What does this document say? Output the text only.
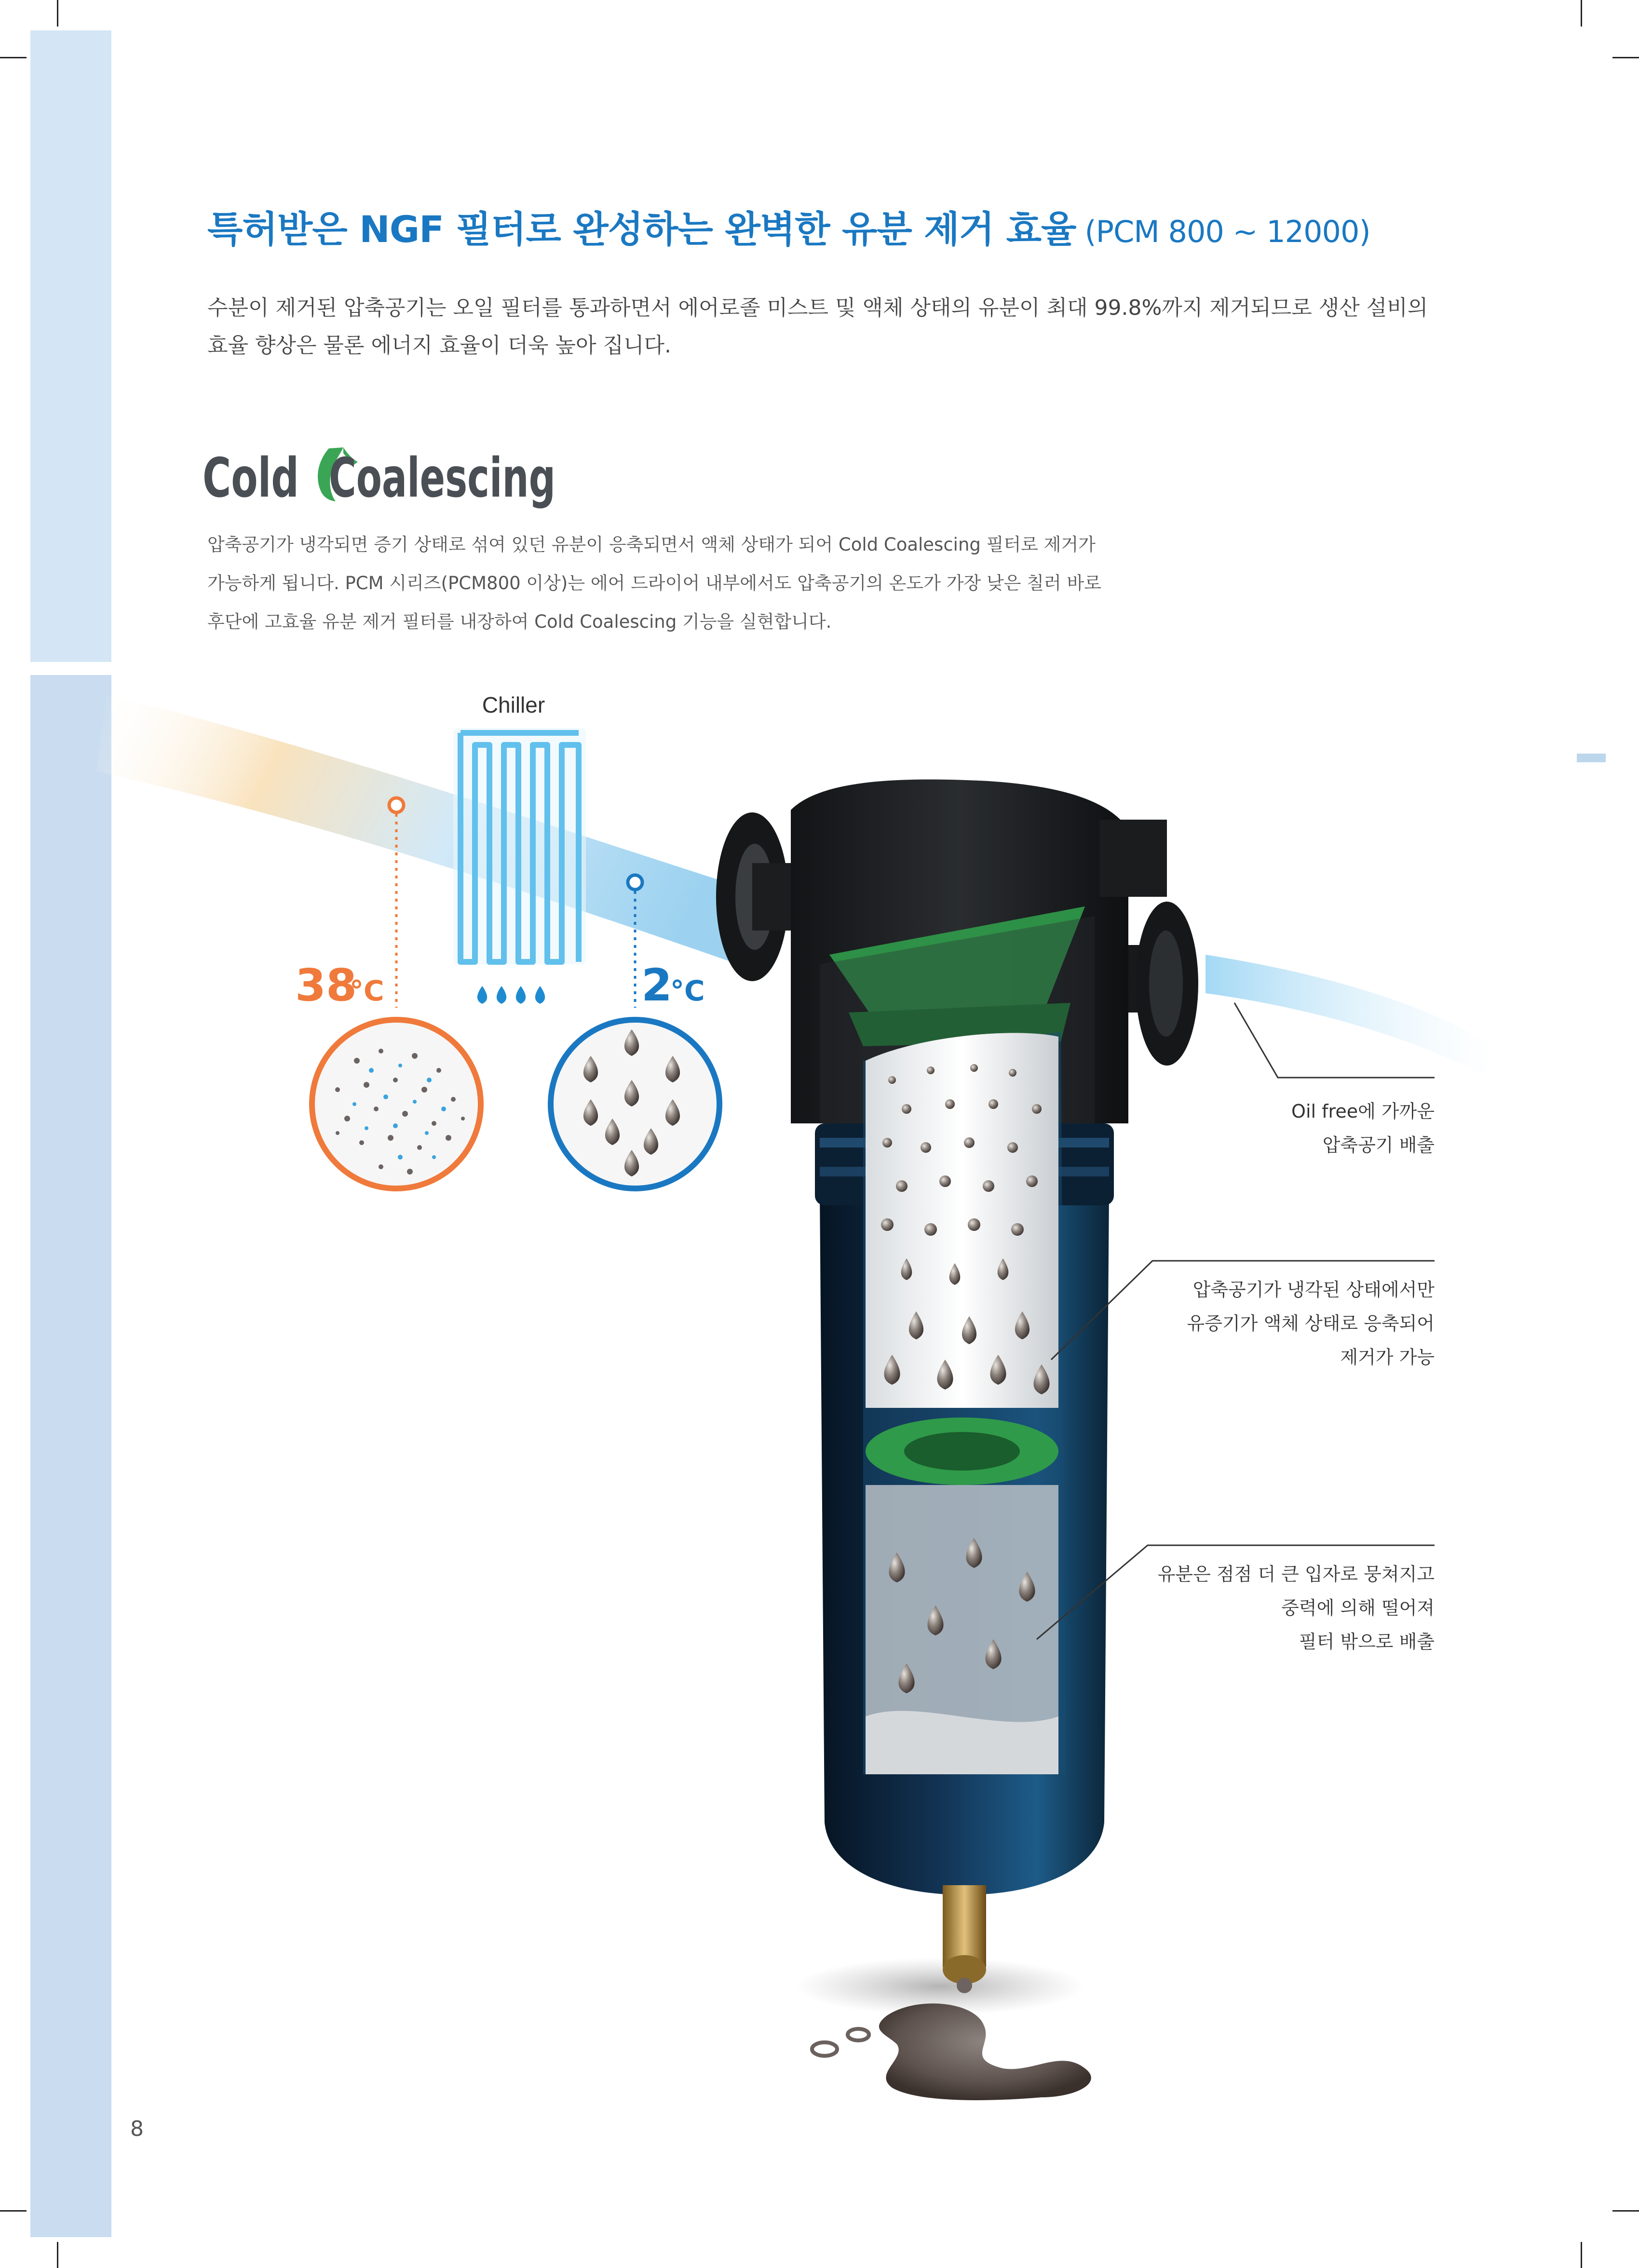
특허받은 NGF 필터로 완성하는 완벽한 유분 제거 효율 (PCM 800 ~ 12000)
수분이 제거된 압축공기는 오일 필터를 통과하면서 에어로졸 미스트 및 액체 상태의 유분이 최대 99.8%까지 제거되므로 생산 설비의 효율 향상은 물론 에너지 효율이 더욱 높아 집니다.
Cold Coalescing
압축공기가 냉각되면 증기 상태로 섞여 있던 유분이 응축되면서 액체 상태가 되어 Cold Coalescing 필터로 제거가 가능하게 됩니다. PCM 시리즈(PCM800 이상)는 에어 드라이어 내부에서도 압축공기의 온도가 가장 낮은 칠러 바로 후단에 고효율 유분 제거 필터를 내장하여 Cold Coalescing 기능을 실현합니다.
Chiller
38
°C	2
°C
Oil free에 가까운
압축공기 배출
압축공기가 냉각된 상태에서만
유증기가 액체 상태로 응축되어
제거가 가능
유분은 점점 더 큰 입자로 뭉쳐지고
중력에 의해 떨어져
필터 밖으로 배출
8
